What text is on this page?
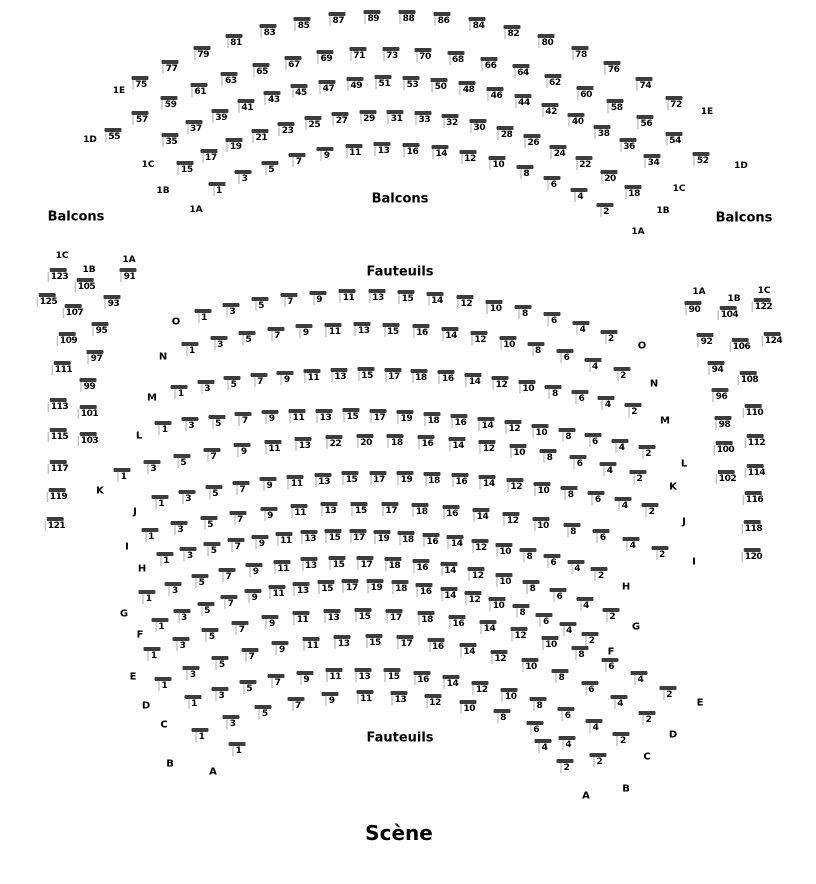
75
77
79
81
83
85	87	89	88	86	84
82
80
78
76
74
72
55
57
59
61
63
65
67
69	71	73	70	68
66
64
62
60
58
56
54
52
35
37
39
41
43
45	47	49	51	53	50	48
46
44
42
40
38
36
34
15
17
19
21
23
25	27	29	31	33	32	30
28
26
24
22
20
18
1
3
5
7
9	11	13	16	14	12
10
8
6
4
2
1
3
5	7	9	11	13	15	14	12	10
8
6
4
2
1
3	5	7	9	11	13	15	16	14	12	10
8
6
4
2
1	3	5	7	9	11	13	15	17	18	16	14	12	10	8
6
4
2
1	3	5	7	9	11	13	15	17	19	18	16	14	12	10	8	6
4
2
1
3
5
7	9	11	13	22	20	18	16	14	12	10	8
6
4
2
1
3	5	7	9	11	13	15	17	19	18	16	14	12	10	8	6
4
2
1
3
5	7	9	11	13	15	17	18	16	14	12	10
8
6
4
2
1
3	5	7	9	11	13	15	17	19	18	16	14	12	10	8
6
4
2
1
3
5
7	9	11	13	15	17	18	16	14	12
10
8
6
4
2
1
3
5
7
9	11	13	15	17	19	18	16	14	12
10
8
6
4
2
1
3
5
7
9	11	13	15	17	18	16
14
12
10
8
6
4
2
1
3
5
7
9	11	13	15	17	16	14
12
10
8
6
4
2
1
3
5
7	9	11	13	15	16	14
12
10
8
6
4
2
1
3
5
7	9	11	13	12
10
8
6
4
2
123
125
105
107
109
111
91
93
95
97
99
101
103
113
115
117
119
121
90
92
94
96
98
100
102
104
106
122
124
108
110
112
114
116
118
120
1	4
2
Balcons
Balcons
Balcons
Fauteuils
Fauteuils
Scène
1E
1D
1C
1B
1A
1E
1D
1C
1B
1A
O
N
M
L
K
J
I
H
G
F
E
D
C
B
A
O
N
M
L
K
J
I
H
G
F
E
D
C
B
A
1C
1B
1A
1A
1B
1C
